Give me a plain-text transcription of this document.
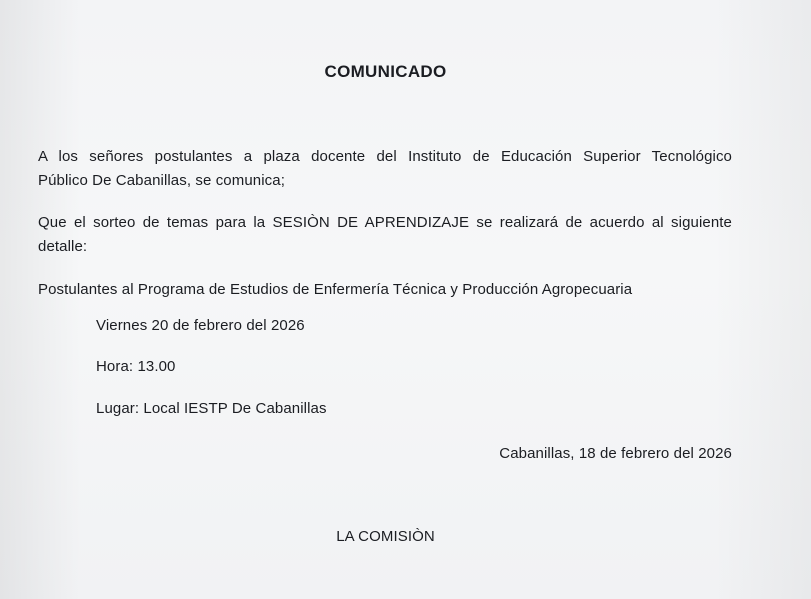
COMUNICADO
A los señores postulantes a plaza docente del Instituto de Educación Superior Tecnológico
Público De Cabanillas, se comunica;
Que el sorteo de temas para la SESIÒN DE APRENDIZAJE se realizará de acuerdo al siguiente
detalle:
Postulantes al Programa de Estudios de Enfermería Técnica y Producción Agropecuaria
Viernes 20 de febrero del 2026
Hora: 13.00
Lugar: Local IESTP De Cabanillas
Cabanillas, 18 de febrero del 2026
LA COMISIÒN
